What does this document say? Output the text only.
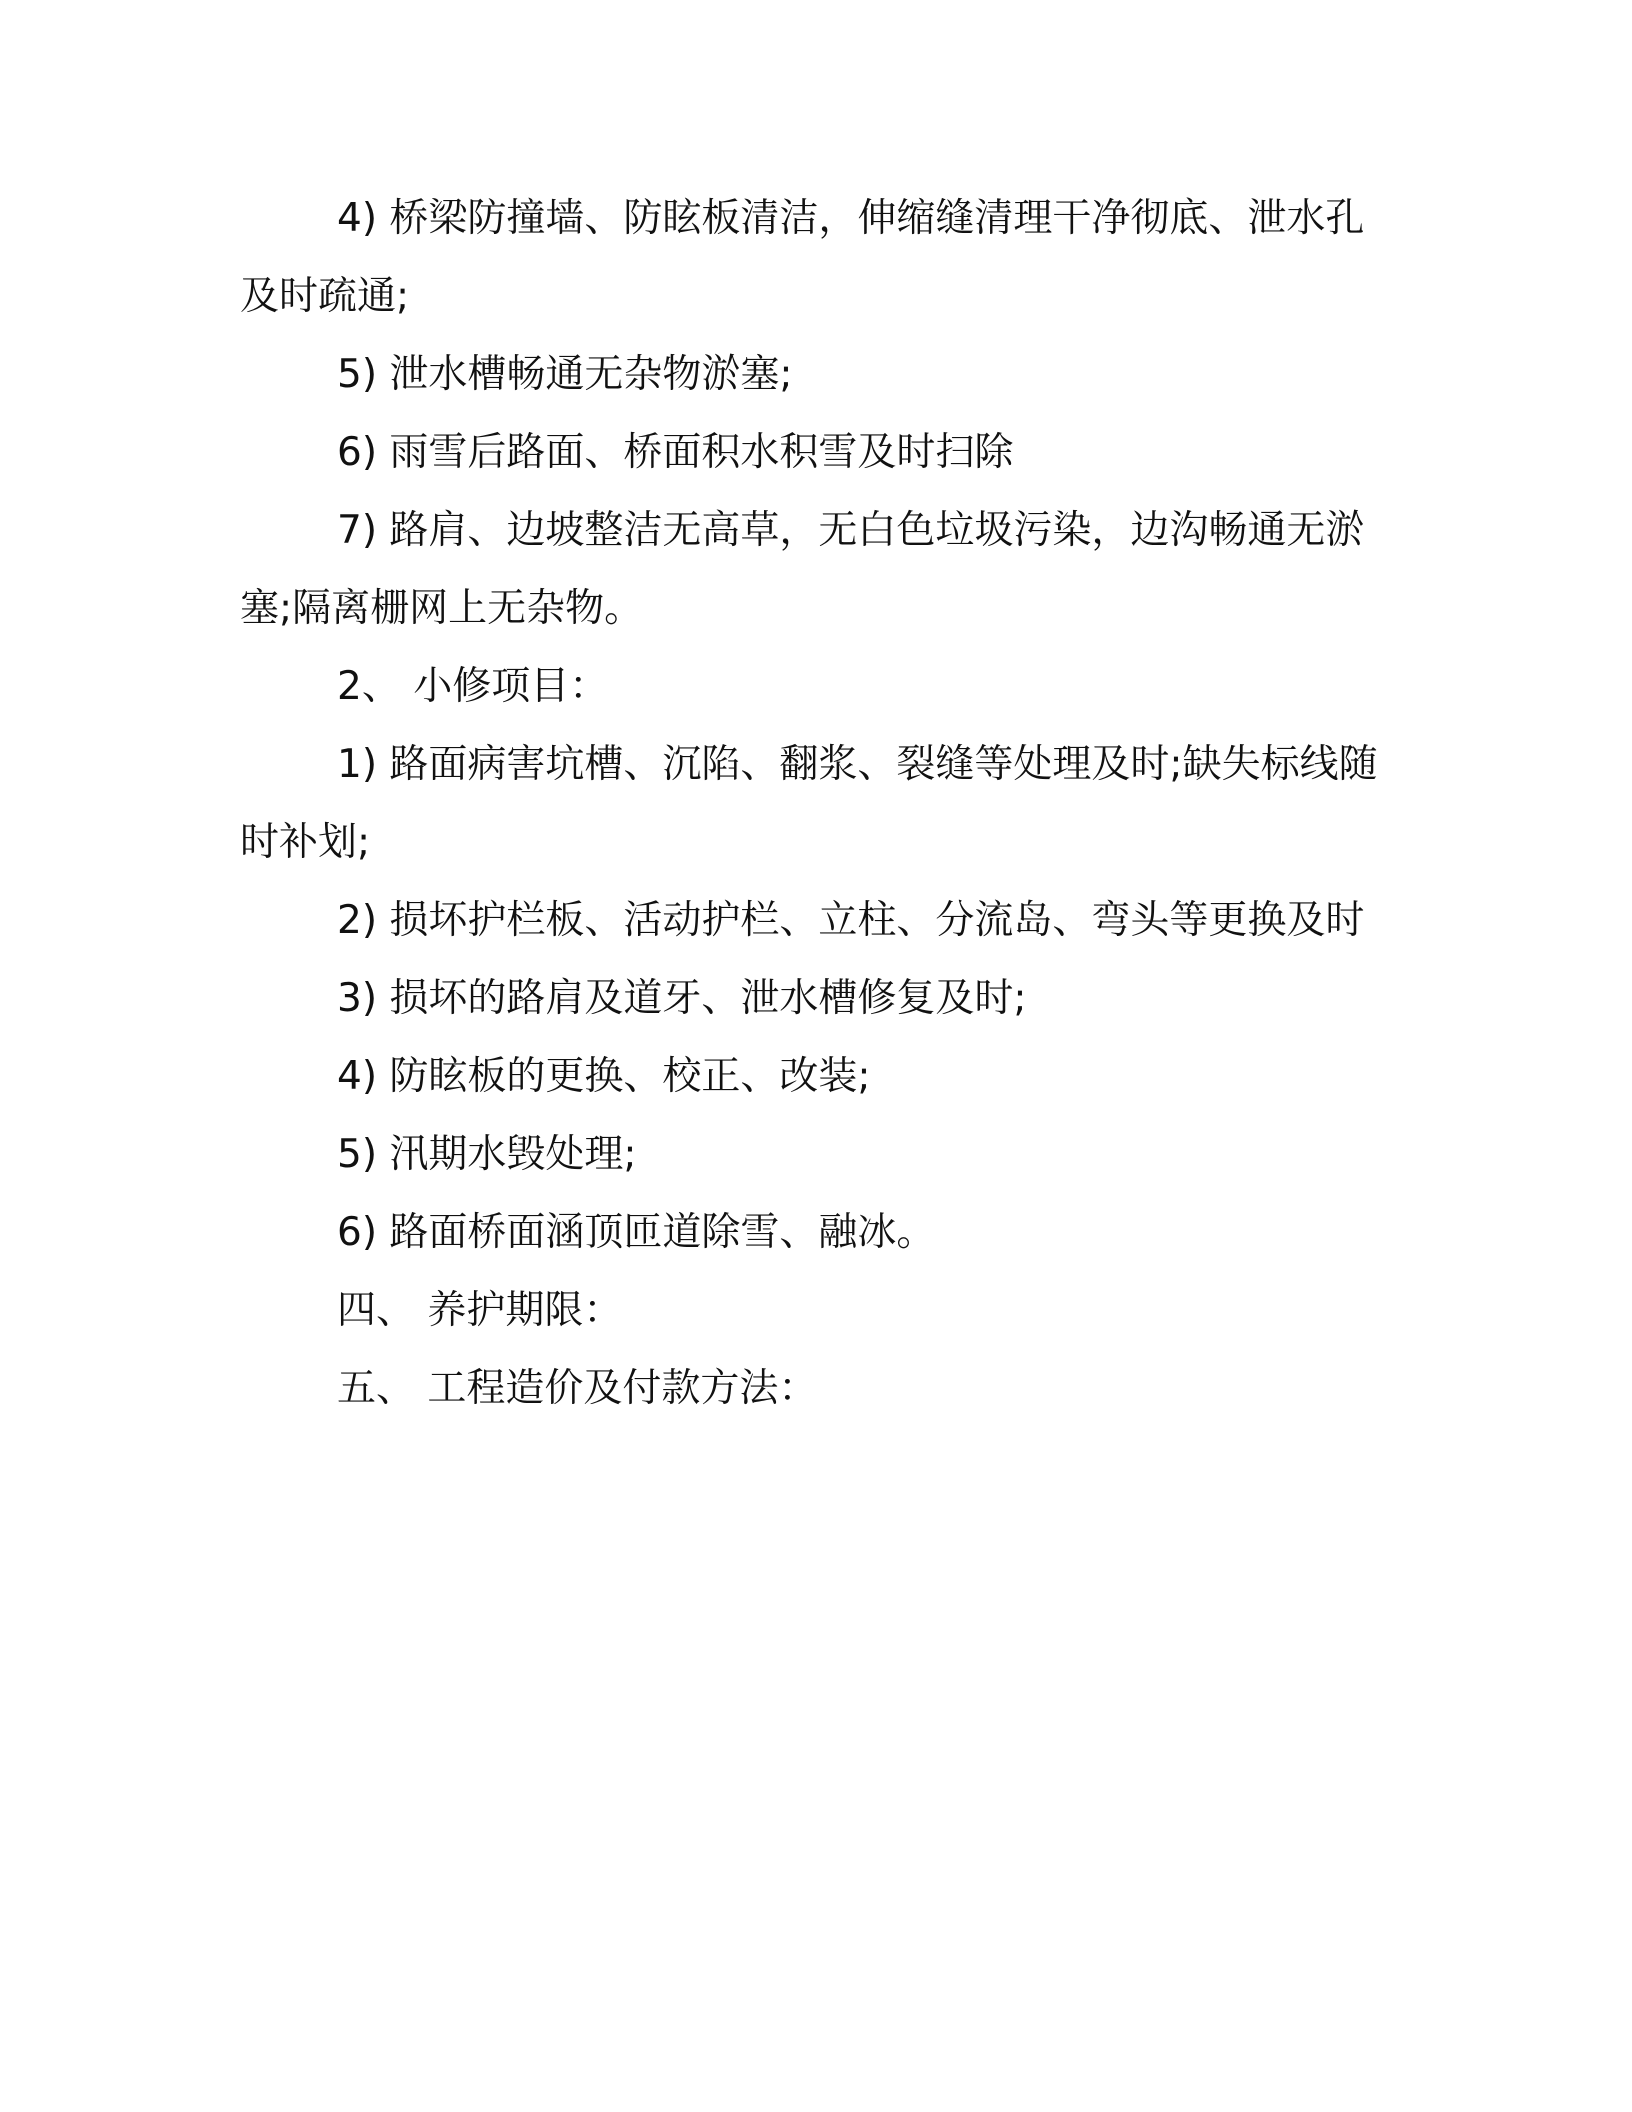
4) 桥梁防撞墙、防眩板清洁，伸缩缝清理干净彻底、泄水孔及时疏通;

5) 泄水槽畅通无杂物淤塞;

6) 雨雪后路面、桥面积水积雪及时扫除

7) 路肩、边坡整洁无高草，无白色垃圾污染，边沟畅通无淤塞;隔离栅网上无杂物。

2、 小修项目：

1) 路面病害坑槽、沉陷、翻浆、裂缝等处理及时;缺失标线随时补划;

2) 损坏护栏板、活动护栏、立柱、分流岛、弯头等更换及时

3) 损坏的路肩及道牙、泄水槽修复及时;

4) 防眩板的更换、校正、改装;

5) 汛期水毁处理;

6) 路面桥面涵顶匝道除雪、融冰。

四、 养护期限：

五、 工程造价及付款方法：
